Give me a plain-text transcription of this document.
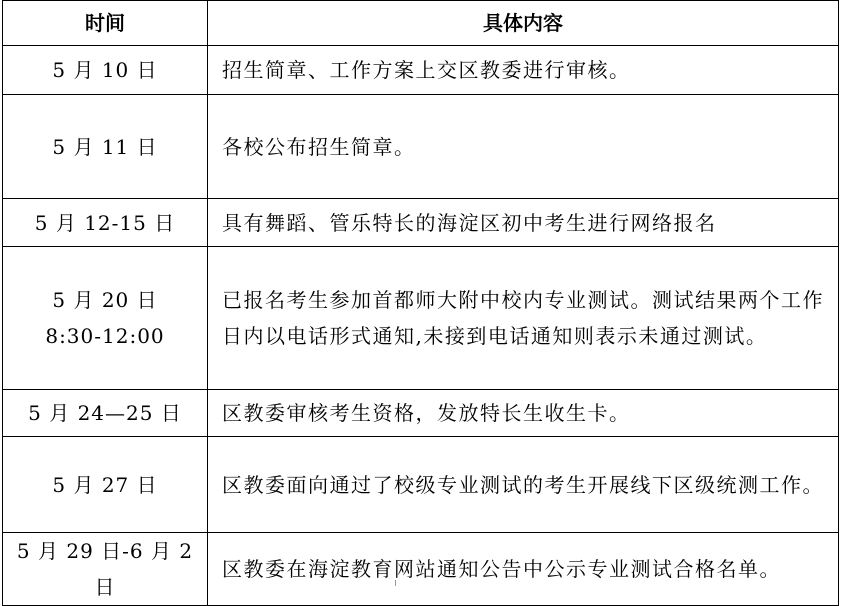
时间	具体内容

5 月 10 日	招生简章、工作方案上交区教委进行审核。

5 月 11 日	各校公布招生简章。

5 月 12-15 日	具有舞蹈、管乐特长的海淀区初中考生进行网络报名

5 月 20 日
8:30-12:00	已报名考生参加首都师大附中校内专业测试。测试结果两个工作日内以电话形式通知,未接到电话通知则表示未通过测试。

5 月 24—25 日	区教委审核考生资格，发放特长生收生卡。

5 月 27 日	区教委面向通过了校级专业测试的考生开展线下区级统测工作。

5 月 29 日-6 月 2 日	区教委在海淀教育网站通知公告中公示专业测试合格名单。
